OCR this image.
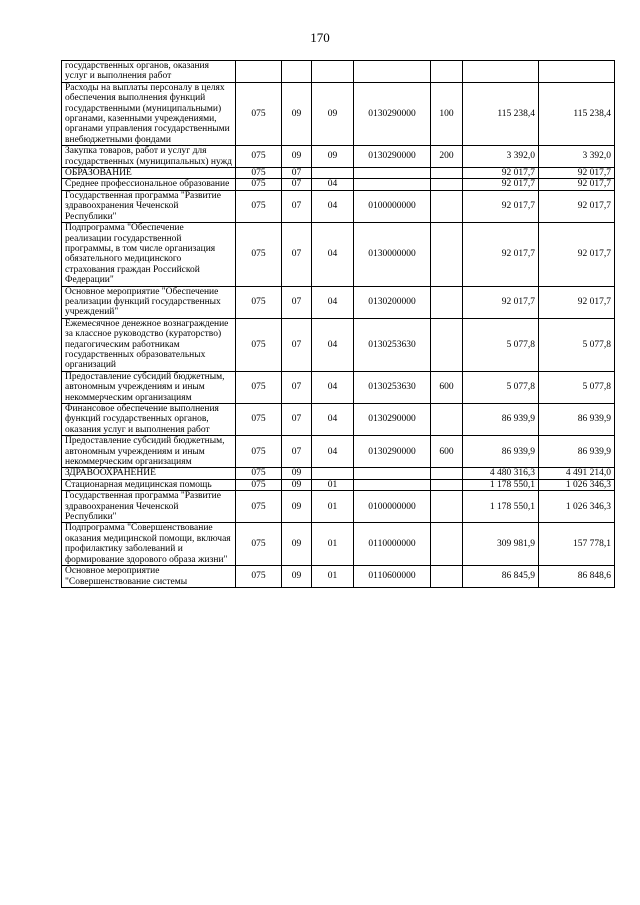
170
государственных органов, оказания услуг и выполнения работ							
Расходы на выплаты персоналу в целях обеспечения выполнения функций государственными (муниципальными) органами, казенными учреждениями, органами управления государственными внебюджетными фондами	075	09	09	0130290000	100	115 238,4	115 238,4
Закупка товаров, работ и услуг для государственных (муниципальных) нужд	075	09	09	0130290000	200	3 392,0	3 392,0
ОБРАЗОВАНИЕ	075	07				92 017,7	92 017,7
Среднее профессиональное образование	075	07	04			92 017,7	92 017,7
Государственная программа "Развитие здравоохранения Чеченской Республики"	075	07	04	0100000000		92 017,7	92 017,7
Подпрограмма "Обеспечение реализации государственной программы, в том числе организация обязательного медицинского страхования граждан Российской Федерации"	075	07	04	0130000000		92 017,7	92 017,7
Основное мероприятие "Обеспечение реализации функций государственных учреждений"	075	07	04	0130200000		92 017,7	92 017,7
Ежемесячное денежное вознаграждение за классное руководство (кураторство) педагогическим работникам государственных образовательных организаций	075	07	04	0130253630		5 077,8	5 077,8
Предоставление субсидий бюджетным, автономным учреждениям и иным некоммерческим организациям	075	07	04	0130253630	600	5 077,8	5 077,8
Финансовое обеспечение выполнения функций государственных органов, оказания услуг и выполнения работ	075	07	04	0130290000		86 939,9	86 939,9
Предоставление субсидий бюджетным, автономным учреждениям и иным некоммерческим организациям	075	07	04	0130290000	600	86 939,9	86 939,9
ЗДРАВООХРАНЕНИЕ	075	09				4 480 316,3	4 491 214,0
Стационарная медицинская помощь	075	09	01			1 178 550,1	1 026 346,3
Государственная программа "Развитие здравоохранения Чеченской Республики"	075	09	01	0100000000		1 178 550,1	1 026 346,3
Подпрограмма "Совершенствование оказания медицинской помощи, включая профилактику заболеваний и формирование здорового образа жизни"	075	09	01	0110000000		309 981,9	157 778,1
Основное мероприятие "Совершенствование системы	075	09	01	0110600000		86 845,9	86 848,6
